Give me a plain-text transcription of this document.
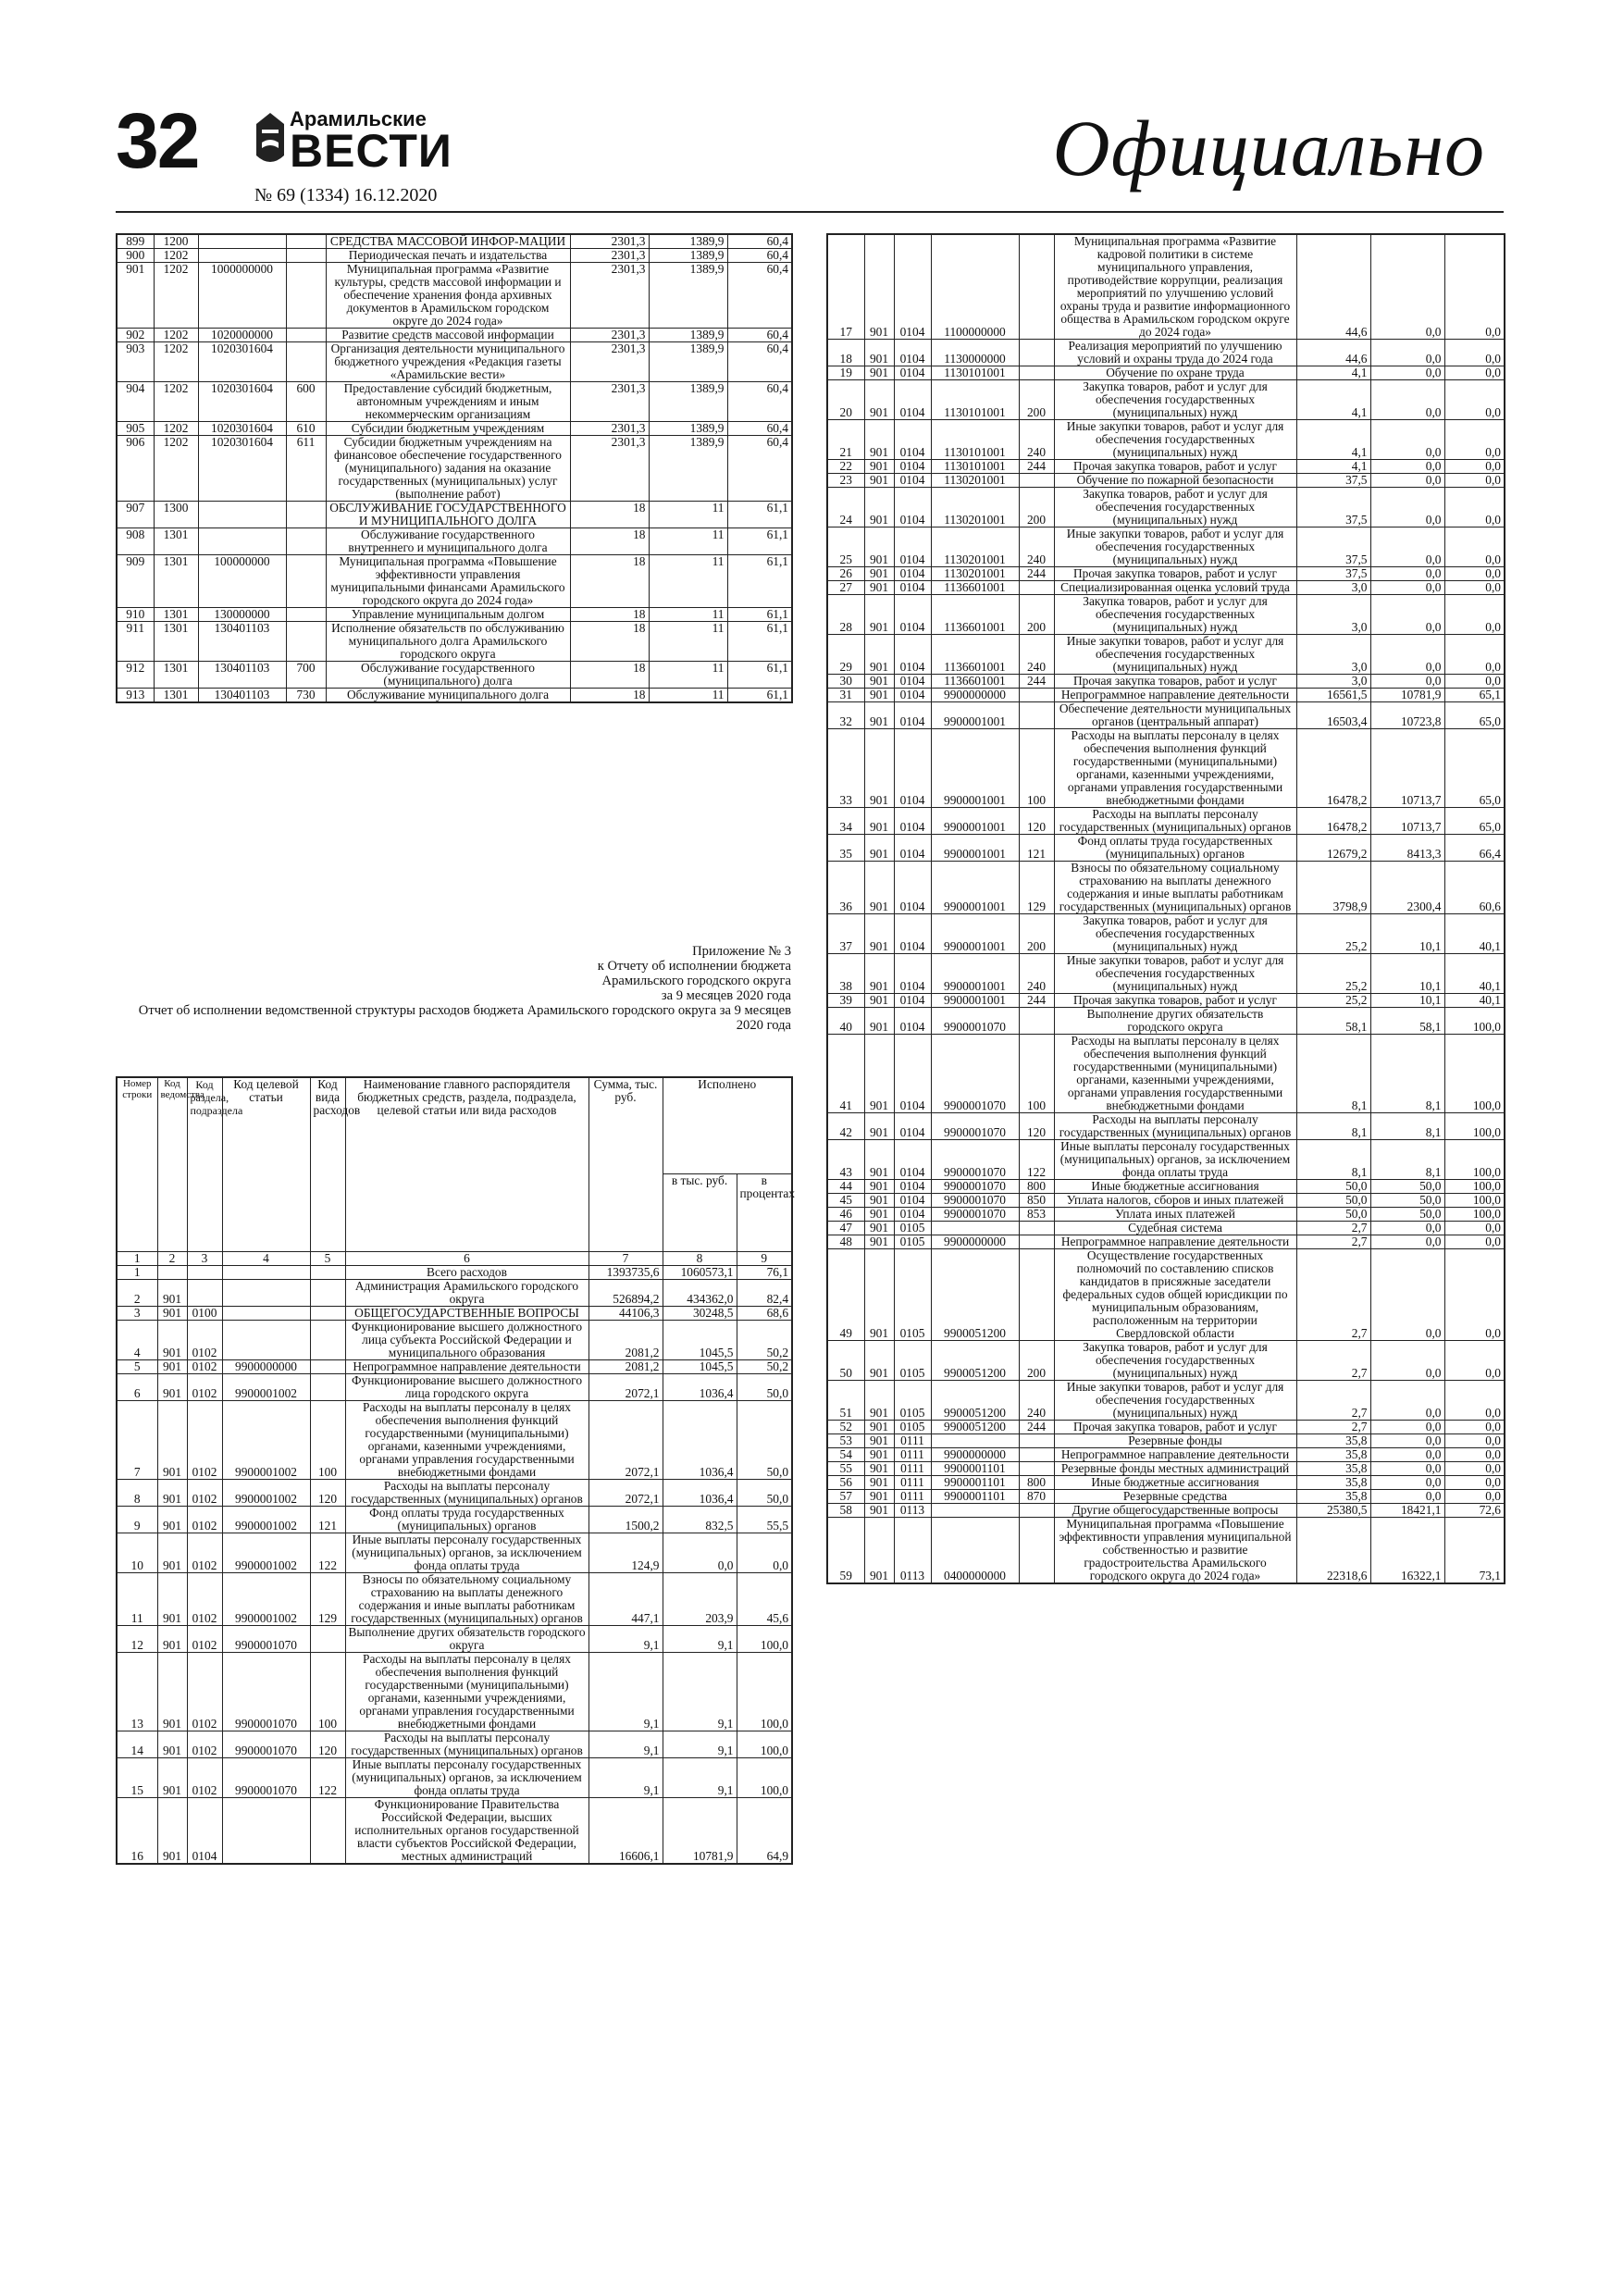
32	Арамильские
ВЕСТИ
№ 69 (1334) 16.12.2020
Официально
899	1200			СРЕДСТВА МАССОВОЙ ИНФОР-МАЦИИ	2301,3	1389,9	60,4
900	1202			Периодическая печать и издательства	2301,3	1389,9	60,4
901	1202	1000000000		Муниципальная программа «Развитие культуры, средств массовой информации и обеспечение хранения фонда архивных документов в Арамильском городском округе до 2024 года»	2301,3	1389,9	60,4
902	1202	1020000000		Развитие средств массовой информации	2301,3	1389,9	60,4
903	1202	1020301604		Организация деятельности муниципального бюджетного учреждения «Редакция газеты «Арамильские вести»	2301,3	1389,9	60,4
904	1202	1020301604	600	Предоставление субсидий бюджетным, автономным учреждениям и иным некоммерческим организациям	2301,3	1389,9	60,4
905	1202	1020301604	610	Субсидии бюджетным учреждениям	2301,3	1389,9	60,4
906	1202	1020301604	611	Субсидии бюджетным учреждениям на финансовое обеспечение государственного (муниципального) задания на оказание государственных (муниципальных) услуг (выполнение работ)	2301,3	1389,9	60,4
907	1300			ОБСЛУЖИВАНИЕ ГОСУДАРСТВЕННОГО И МУНИЦИПАЛЬНОГО ДОЛГА	18	11	61,1
908	1301			Обслуживание государственного внутреннего и муниципального долга	18	11	61,1
909	1301	100000000		Муниципальная программа «Повышение эффективности управления муниципальными финансами Арамильского городского округа до 2024 года»	18	11	61,1
910	1301	130000000		Управление муниципальным долгом	18	11	61,1
911	1301	130401103		Исполнение обязательств по обслуживанию муниципального долга Арамильского городского округа	18	11	61,1
912	1301	130401103	700	Обслуживание государственного (муниципального) долга	18	11	61,1
913	1301	130401103	730	Обслуживание муниципального долга	18	11	61,1
Приложение № 3
к Отчету об исполнении бюджета
Арамильского городского округа
за 9 месяцев 2020 года
Отчет об исполнении ведомственной структуры расходов бюджета Арамильского городского округа за 9 месяцев 2020 года
Номер строки	Код ведомства	Код раздела, подраздела	Код целевой статьи	Код вида расходов	Наименование главного распорядителя бюджетных средств, раздела, подраздела, целевой статьи или вида расходов	Сумма, тыс. руб.	Исполнено	
							в тыс. руб.	в процентах
1	2	3	4	5	6	7	8	9
1					Всего расходов	1393735,6	1060573,1	76,1
2	901				Администрация Арамильского городского округа	526894,2	434362,0	82,4
3	901	0100			ОБЩЕГОСУДАРСТВЕННЫЕ ВОПРОСЫ	44106,3	30248,5	68,6
4	901	0102			Функционирование высшего должностного лица субъекта Российской Федерации и муниципального образования	2081,2	1045,5	50,2
5	901	0102	9900000000		Непрограммное направление деятельности	2081,2	1045,5	50,2
6	901	0102	9900001002		Функционирование высшего должностного лица городского округа	2072,1	1036,4	50,0
7	901	0102	9900001002	100	Расходы на выплаты персоналу в целях обеспечения выполнения функций государственными (муниципальными) органами, казенными учреждениями, органами управления государственными внебюджетными фондами	2072,1	1036,4	50,0
8	901	0102	9900001002	120	Расходы на выплаты персоналу государственных (муниципальных) органов	2072,1	1036,4	50,0
9	901	0102	9900001002	121	Фонд оплаты труда государственных (муниципальных) органов	1500,2	832,5	55,5
10	901	0102	9900001002	122	Иные выплаты персоналу государственных (муниципальных) органов, за исключением фонда оплаты труда	124,9	0,0	0,0
11	901	0102	9900001002	129	Взносы по обязательному социальному страхованию на выплаты денежного содержания и иные выплаты работникам государственных (муниципальных) органов	447,1	203,9	45,6
12	901	0102	9900001070		Выполнение других обязательств городского округа	9,1	9,1	100,0
13	901	0102	9900001070	100	Расходы на выплаты персоналу в целях обеспечения выполнения функций государственными (муниципальными) органами, казенными учреждениями, органами управления государственными внебюджетными фондами	9,1	9,1	100,0
14	901	0102	9900001070	120	Расходы на выплаты персоналу государственных (муниципальных) органов	9,1	9,1	100,0
15	901	0102	9900001070	122	Иные выплаты персоналу государственных (муниципальных) органов, за исключением фонда оплаты труда	9,1	9,1	100,0
16	901	0104			Функционирование Правительства Российской Федерации, высших исполнительных органов государственной власти субъектов Российской Федерации, местных администраций	16606,1	10781,9	64,9
17	901	0104	1100000000		Муниципальная программа «Развитие кадровой политики в системе муниципального управления, противодействие коррупции, реализация мероприятий по улучшению условий охраны труда и развитие информационного общества в Арамильском городском округе до 2024 года»	44,6	0,0	0,0
18	901	0104	1130000000		Реализация мероприятий по улучшению условий и охраны труда до 2024 года	44,6	0,0	0,0
19	901	0104	1130101001		Обучение по охране труда	4,1	0,0	0,0
20	901	0104	1130101001	200	Закупка товаров, работ и услуг для обеспечения государственных (муниципальных) нужд	4,1	0,0	0,0
21	901	0104	1130101001	240	Иные закупки товаров, работ и услуг для обеспечения государственных (муниципальных) нужд	4,1	0,0	0,0
22	901	0104	1130101001	244	Прочая закупка товаров, работ и услуг	4,1	0,0	0,0
23	901	0104	1130201001		Обучение по пожарной безопасности	37,5	0,0	0,0
24	901	0104	1130201001	200	Закупка товаров, работ и услуг для обеспечения государственных (муниципальных) нужд	37,5	0,0	0,0
25	901	0104	1130201001	240	Иные закупки товаров, работ и услуг для обеспечения государственных (муниципальных) нужд	37,5	0,0	0,0
26	901	0104	1130201001	244	Прочая закупка товаров, работ и услуг	37,5	0,0	0,0
27	901	0104	1136601001		Специализированная оценка условий труда	3,0	0,0	0,0
28	901	0104	1136601001	200	Закупка товаров, работ и услуг для обеспечения государственных (муниципальных) нужд	3,0	0,0	0,0
29	901	0104	1136601001	240	Иные закупки товаров, работ и услуг для обеспечения государственных (муниципальных) нужд	3,0	0,0	0,0
30	901	0104	1136601001	244	Прочая закупка товаров, работ и услуг	3,0	0,0	0,0
31	901	0104	9900000000		Непрограммное направление деятельности	16561,5	10781,9	65,1
32	901	0104	9900001001		Обеспечение деятельности муниципальных органов (центральный аппарат)	16503,4	10723,8	65,0
33	901	0104	9900001001	100	Расходы на выплаты персоналу в целях обеспечения выполнения функций государственными (муниципальными) органами, казенными учреждениями, органами управления государственными внебюджетными фондами	16478,2	10713,7	65,0
34	901	0104	9900001001	120	Расходы на выплаты персоналу государственных (муниципальных) органов	16478,2	10713,7	65,0
35	901	0104	9900001001	121	Фонд оплаты труда государственных (муниципальных) органов	12679,2	8413,3	66,4
36	901	0104	9900001001	129	Взносы по обязательному социальному страхованию на выплаты денежного содержания и иные выплаты работникам государственных (муниципальных) органов	3798,9	2300,4	60,6
37	901	0104	9900001001	200	Закупка товаров, работ и услуг для обеспечения государственных (муниципальных) нужд	25,2	10,1	40,1
38	901	0104	9900001001	240	Иные закупки товаров, работ и услуг для обеспечения государственных (муниципальных) нужд	25,2	10,1	40,1
39	901	0104	9900001001	244	Прочая закупка товаров, работ и услуг	25,2	10,1	40,1
40	901	0104	9900001070		Выполнение других обязательств городского округа	58,1	58,1	100,0
41	901	0104	9900001070	100	Расходы на выплаты персоналу в целях обеспечения выполнения функций государственными (муниципальными) органами, казенными учреждениями, органами управления государственными внебюджетными фондами	8,1	8,1	100,0
42	901	0104	9900001070	120	Расходы на выплаты персоналу государственных (муниципальных) органов	8,1	8,1	100,0
43	901	0104	9900001070	122	Иные выплаты персоналу государственных (муниципальных) органов, за исключением фонда оплаты труда	8,1	8,1	100,0
44	901	0104	9900001070	800	Иные бюджетные ассигнования	50,0	50,0	100,0
45	901	0104	9900001070	850	Уплата налогов, сборов и иных платежей	50,0	50,0	100,0
46	901	0104	9900001070	853	Уплата иных платежей	50,0	50,0	100,0
47	901	0105			Судебная система	2,7	0,0	0,0
48	901	0105	9900000000		Непрограммное направление деятельности	2,7	0,0	0,0
49	901	0105	9900051200		Осуществление государственных полномочий по составлению списков кандидатов в присяжные заседатели федеральных судов общей юрисдикции по муниципальным образованиям, расположенным на территории Свердловской области	2,7	0,0	0,0
50	901	0105	9900051200	200	Закупка товаров, работ и услуг для обеспечения государственных (муниципальных) нужд	2,7	0,0	0,0
51	901	0105	9900051200	240	Иные закупки товаров, работ и услуг для обеспечения государственных (муниципальных) нужд	2,7	0,0	0,0
52	901	0105	9900051200	244	Прочая закупка товаров, работ и услуг	2,7	0,0	0,0
53	901	0111			Резервные фонды	35,8	0,0	0,0
54	901	0111	9900000000		Непрограммное направление деятельности	35,8	0,0	0,0
55	901	0111	9900001101		Резервные фонды местных администраций	35,8	0,0	0,0
56	901	0111	9900001101	800	Иные бюджетные ассигнования	35,8	0,0	0,0
57	901	0111	9900001101	870	Резервные средства	35,8	0,0	0,0
58	901	0113			Другие общегосударственные вопросы	25380,5	18421,1	72,6
59	901	0113	0400000000		Муниципальная программа «Повышение эффективности управления муниципальной собственностью и развитие градостроительства Арамильского городского округа до 2024 года»	22318,6	16322,1	73,1
